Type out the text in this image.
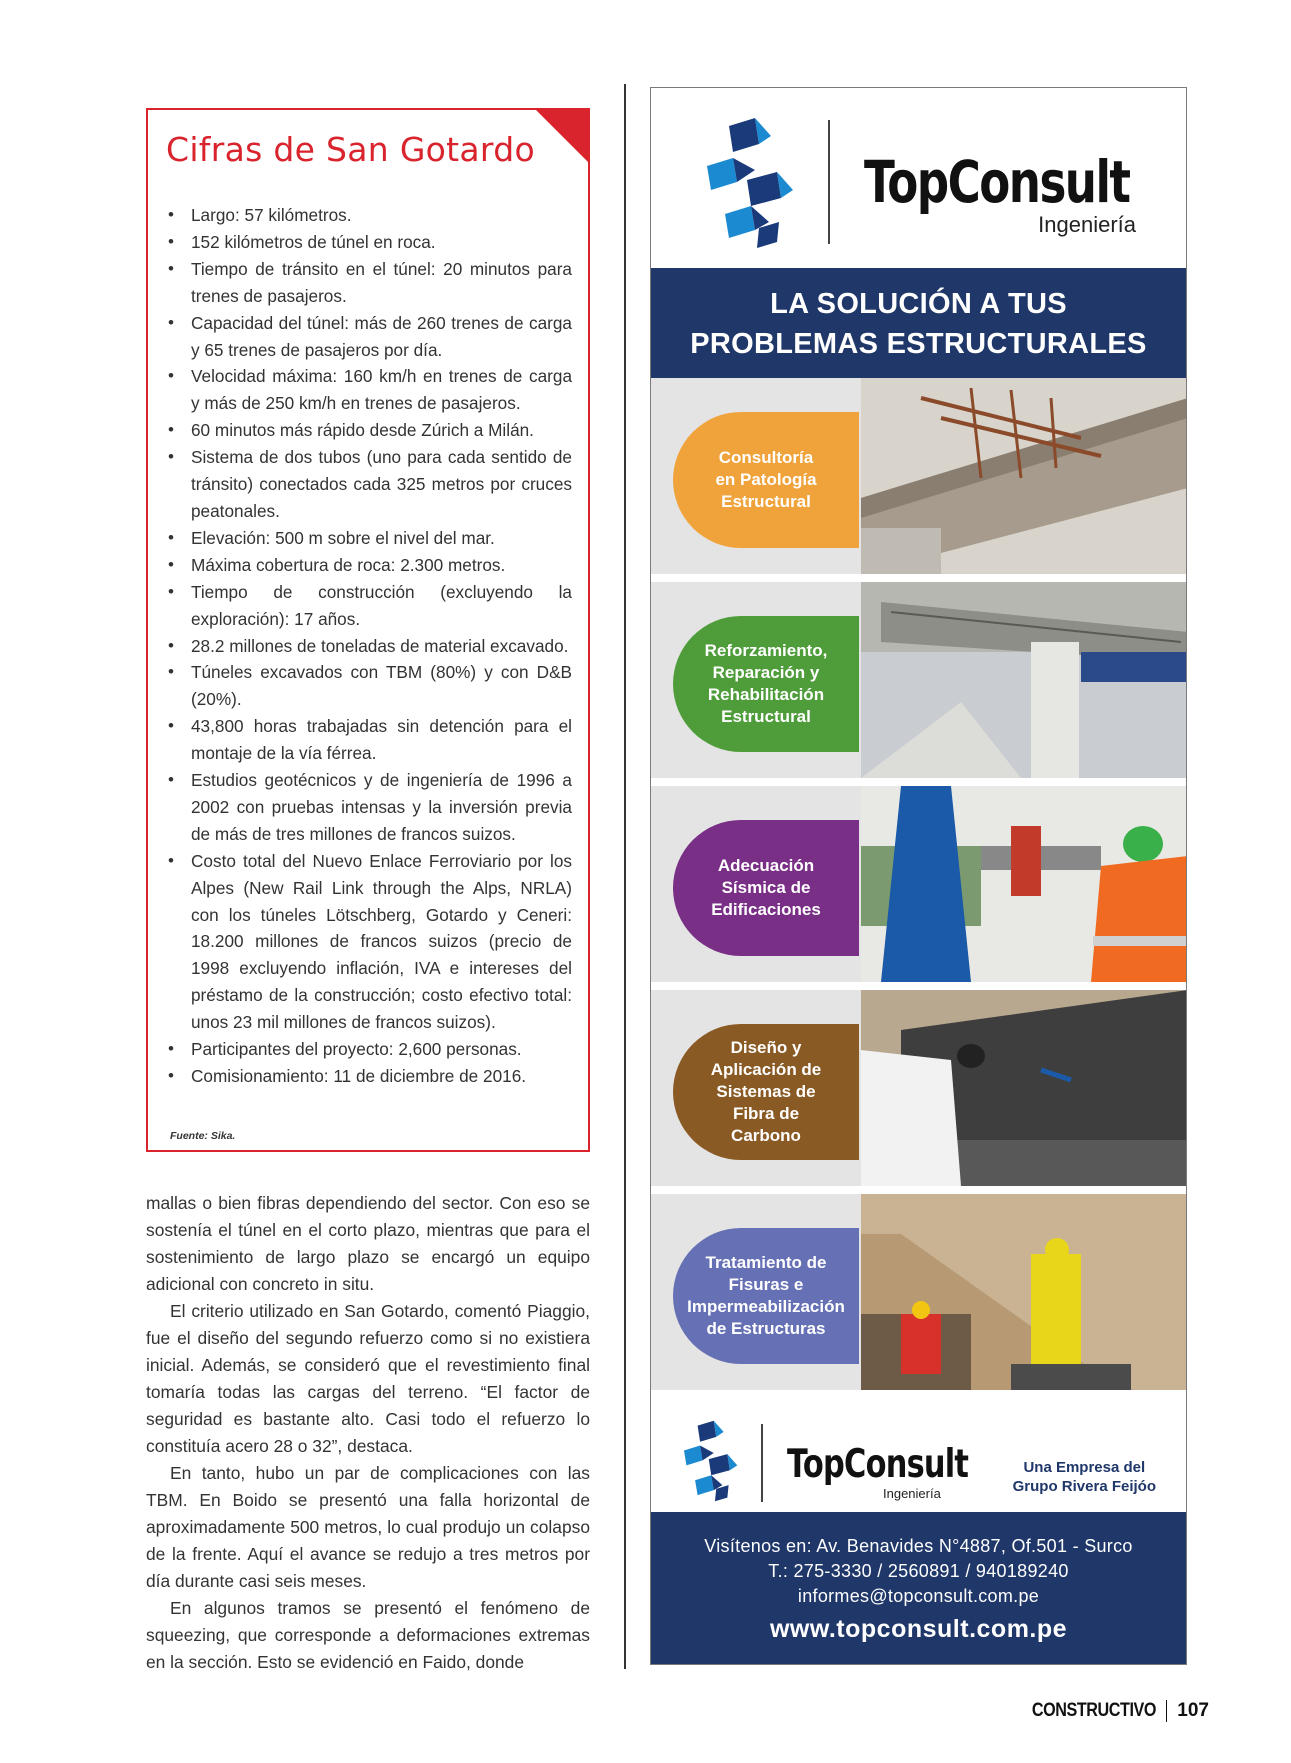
Cifras de San Gotardo
• Largo: 57 kilómetros.
• 152 kilómetros de túnel en roca.
• Tiempo de tránsito en el túnel: 20 minutos para trenes de pasajeros.
• Capacidad del túnel: más de 260 trenes de carga y 65 trenes de pasajeros por día.
• Velocidad máxima: 160 km/h en trenes de carga y más de 250 km/h en trenes de pasajeros.
• 60 minutos más rápido desde Zúrich a Milán.
• Sistema de dos tubos (uno para cada sentido de tránsito) conectados cada 325 metros por cruces peatonales.
• Elevación: 500 m sobre el nivel del mar.
• Máxima cobertura de roca: 2.300 metros.
• Tiempo de construcción (excluyendo la exploración): 17 años.
• 28.2 millones de toneladas de material excavado.
• Túneles excavados con TBM (80%) y con D&B (20%).
• 43,800 horas trabajadas sin detención para el montaje de la vía férrea.
• Estudios geotécnicos y de ingeniería de 1996 a 2002 con pruebas intensas y la inversión previa de más de tres millones de francos suizos.
• Costo total del Nuevo Enlace Ferroviario por los Alpes (New Rail Link through the Alps, NRLA) con los túneles Lötschberg, Gotardo y Ceneri: 18.200 millones de francos suizos (precio de 1998 excluyendo inflación, IVA e intereses del préstamo de la construcción; costo efectivo total: unos 23 mil millones de francos suizos).
• Participantes del proyecto: 2,600 personas.
• Comisionamiento: 11 de diciembre de 2016.

Fuente: Sika.

mallas o bien fibras dependiendo del sector. Con eso se sostenía el túnel en el corto plazo, mientras que para el sostenimiento de largo plazo se encargó un equipo adicional con concreto in situ.

El criterio utilizado en San Gotardo, comentó Piaggio, fue el diseño del segundo refuerzo como si no existiera inicial. Además, se consideró que el revestimiento final tomaría todas las cargas del terreno. “El factor de seguridad es bastante alto. Casi todo el refuerzo lo constituía acero 28 o 32”, destaca.

En tanto, hubo un par de complicaciones con las TBM. En Boido se presentó una falla horizontal de aproximadamente 500 metros, lo cual produjo un colapso de la frente. Aquí el avance se redujo a tres metros por día durante casi seis meses.

En algunos tramos se presentó el fenómeno de squeezing, que corresponde a deformaciones extremas en la sección. Esto se evidenció en Faido, donde

TopConsult
Ingeniería
LA SOLUCIÓN A TUS
PROBLEMAS ESTRUCTURALES
Consultoría
en Patología
Estructural
Reforzamiento,
Reparación y
Rehabilitación
Estructural
Adecuación
Sísmica de
Edificaciones
Diseño y
Aplicación de
Sistemas de
Fibra de
Carbono
Tratamiento de
Fisuras e
Impermeabilización
de Estructuras
TopConsult
Ingeniería
Una Empresa del
Grupo Rivera Feijóo
Visítenos en: Av. Benavides N°4887, Of.501 - Surco
T.: 275-3330 / 2560891 / 940189240
informes@topconsult.com.pe
www.topconsult.com.pe
CONSTRUCTIVO 107
